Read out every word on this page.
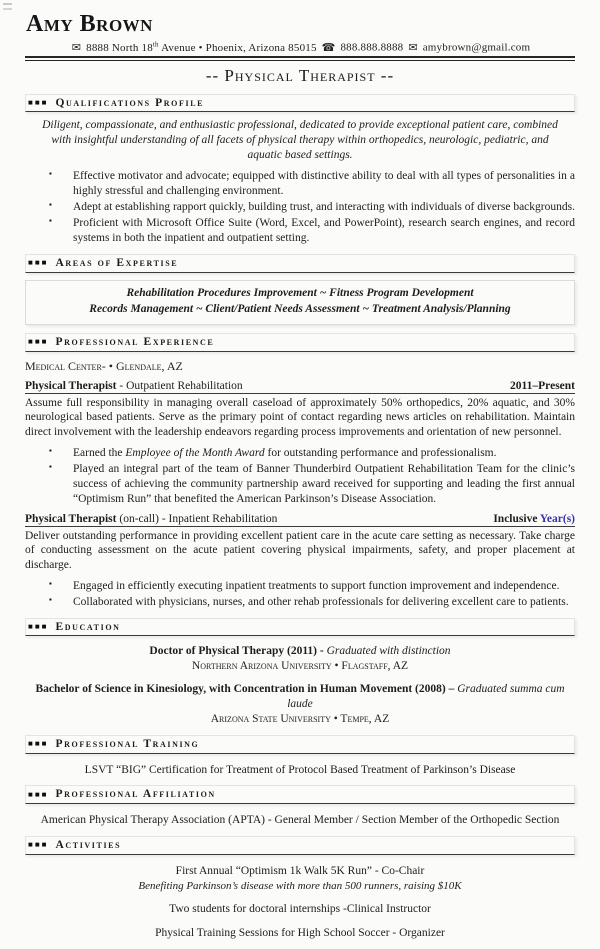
Amy Brown
✉ 8888 North 18th Avenue • Phoenix, Arizona 85015 ☎ 888.888.8888 ✉ amybrown@gmail.com
-- Physical Therapist --
■■■ Qualifications Profile
Diligent, compassionate, and enthusiastic professional, dedicated to provide exceptional patient care, combined with insightful understanding of all facets of physical therapy within orthopedics, neurologic, pediatric, and aquatic based settings.
▪ Effective motivator and advocate; equipped with distinctive ability to deal with all types of personalities in a highly stressful and challenging environment.
▪ Adept at establishing rapport quickly, building trust, and interacting with individuals of diverse backgrounds.
▪ Proficient with Microsoft Office Suite (Word, Excel, and PowerPoint), research search engines, and record systems in both the inpatient and outpatient setting.
■■■ Areas of Expertise
Rehabilitation Procedures Improvement ~ Fitness Program Development
Records Management ~ Client/Patient Needs Assessment ~ Treatment Analysis/Planning
■■■ Professional Experience
Medical Center- • Glendale, AZ
Physical Therapist - Outpatient Rehabilitation	2011–Present
Assume full responsibility in managing overall caseload of approximately 50% orthopedics, 20% aquatic, and 30% neurological based patients. Serve as the primary point of contact regarding news articles on rehabilitation. Maintain direct involvement with the leadership endeavors regarding process improvements and orientation of new personnel.
▪ Earned the Employee of the Month Award for outstanding performance and professionalism.
▪ Played an integral part of the team of Banner Thunderbird Outpatient Rehabilitation Team for the clinic’s success of achieving the community partnership award received for supporting and leading the first annual “Optimism Run” that benefited the American Parkinson’s Disease Association.
Physical Therapist (on-call) - Inpatient Rehabilitation	Inclusive Year(s)
Deliver outstanding performance in providing excellent patient care in the acute care setting as necessary. Take charge of conducting assessment on the acute patient covering physical impairments, safety, and proper placement at discharge.
▪ Engaged in efficiently executing inpatient treatments to support function improvement and independence.
▪ Collaborated with physicians, nurses, and other rehab professionals for delivering excellent care to patients.
■■■ Education
Doctor of Physical Therapy (2011) - Graduated with distinction
Northern Arizona University • Flagstaff, AZ
Bachelor of Science in Kinesiology, with Concentration in Human Movement (2008) – Graduated summa cum laude
Arizona State University • Tempe, AZ
■■■ Professional Training
LSVT “BIG” Certification for Treatment of Protocol Based Treatment of Parkinson’s Disease
■■■ Professional Affiliation
American Physical Therapy Association (APTA) - General Member / Section Member of the Orthopedic Section
■■■ Activities
First Annual “Optimism 1k Walk 5K Run” - Co-Chair
Benefiting Parkinson’s disease with more than 500 runners, raising $10K
Two students for doctoral internships -Clinical Instructor
Physical Training Sessions for High School Soccer - Organizer
